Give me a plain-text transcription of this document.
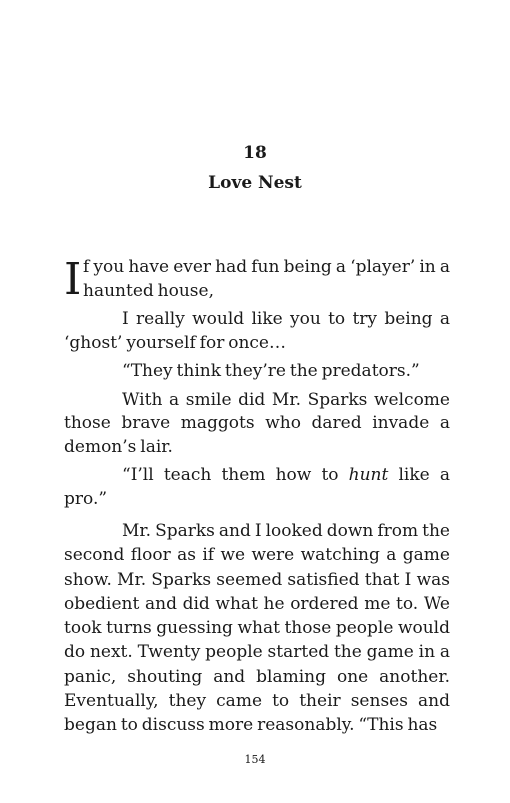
18
Love Nest

I f you have ever had fun being a ‘player’ in a haunted house,

I really would like you to try being a ‘ghost’ yourself for once…

“They think they’re the predators.”

With a smile did Mr. Sparks welcome those brave maggots who dared invade a demon’s lair.

“I’ll teach them how to hunt like a pro.”

Mr. Sparks and I looked down from the second floor as if we were watching a game show. Mr. Sparks seemed satisfied that I was obedient and did what he ordered me to. We took turns guessing what those people would do next. Twenty people started the game in a panic, shouting and blaming one another. Eventually, they came to their senses and began to discuss more reasonably. “This has

154
